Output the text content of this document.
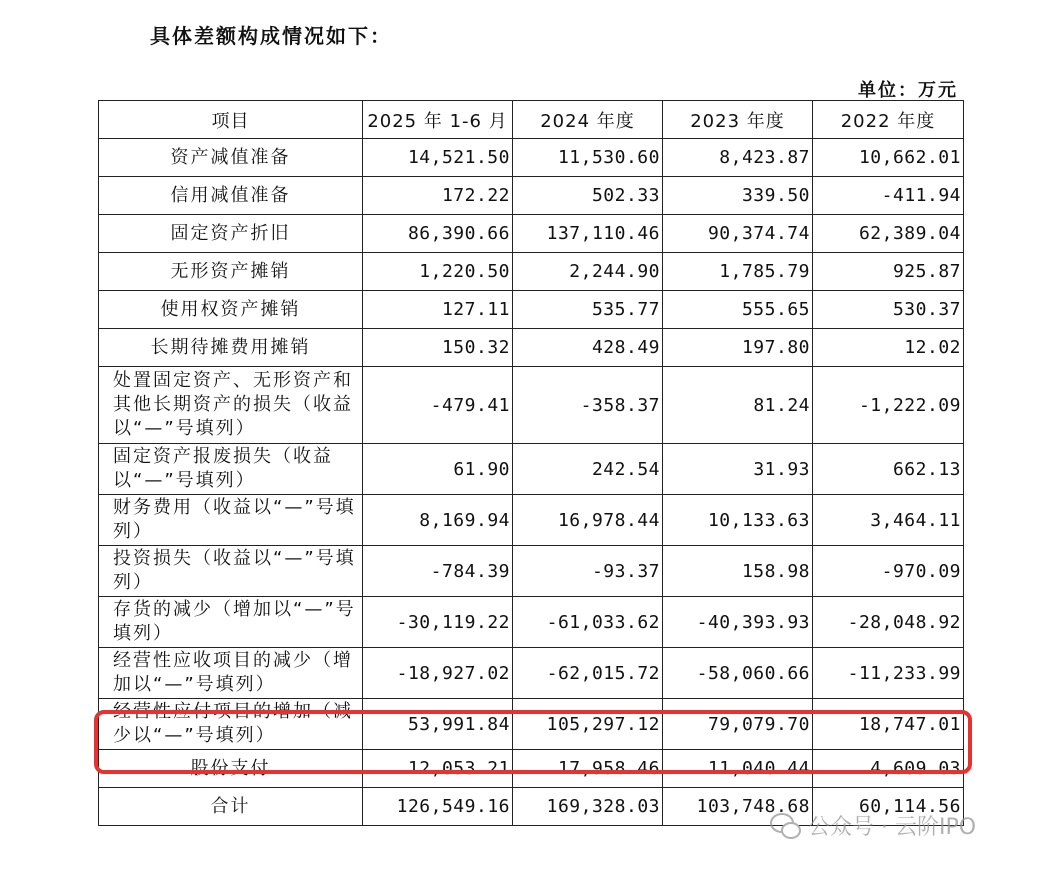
具体差额构成情况如下：
单位：万元
项目	2025 年 1-6 月	2024 年度	2023 年度	2022 年度
资产减值准备	14,521.50	11,530.60	8,423.87	10,662.01
信用减值准备	172.22	502.33	339.50	-411.94
固定资产折旧	86,390.66	137,110.46	90,374.74	62,389.04
无形资产摊销	1,220.50	2,244.90	1,785.79	925.87
使用权资产摊销	127.11	535.77	555.65	530.37
长期待摊费用摊销	150.32	428.49	197.80	12.02
处置固定资产、无形资产和其他长期资产的损失（收益以“—”号填列）	-479.41	-358.37	81.24	-1,222.09
固定资产报废损失（收益以“—”号填列）	61.90	242.54	31.93	662.13
财务费用（收益以“—”号填列）	8,169.94	16,978.44	10,133.63	3,464.11
投资损失（收益以“—”号填列）	-784.39	-93.37	158.98	-970.09
存货的减少（增加以“—”号填列）	-30,119.22	-61,033.62	-40,393.93	-28,048.92
经营性应收项目的减少（增加以“—”号填列）	-18,927.02	-62,015.72	-58,060.66	-11,233.99
经营性应付项目的增加（减少以“—”号填列）	53,991.84	105,297.12	79,079.70	18,747.01
股份支付	12,053.21	17,958.46	11,040.44	4,609.03
合计	126,549.16	169,328.03	103,748.68	60,114.56
公众号 · 云阶IPO
